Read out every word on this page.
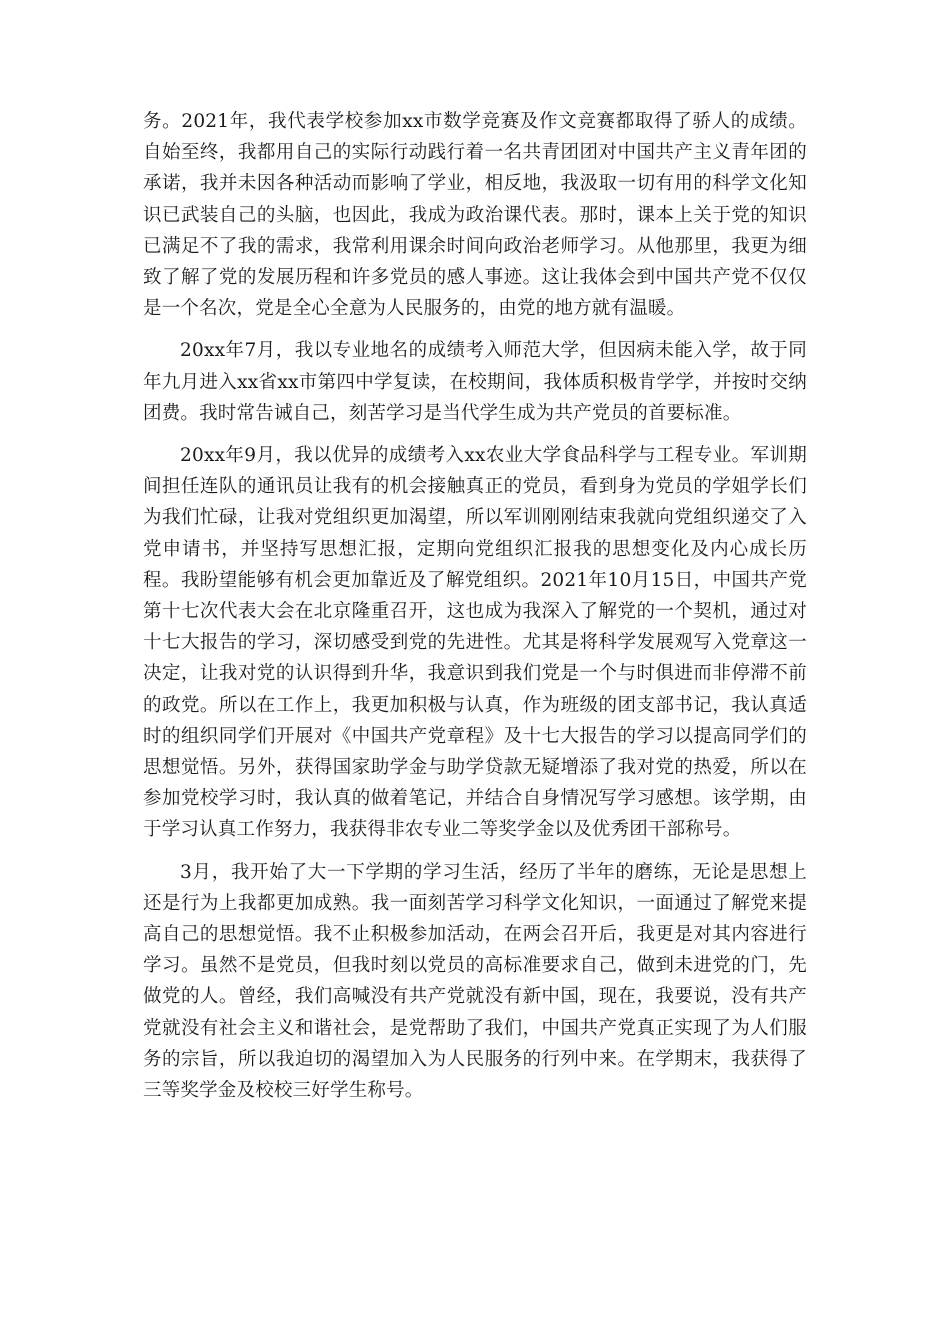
务。2021年，我代表学校参加xx市数学竞赛及作文竞赛都取得了骄人的成绩。自始至终，我都用自己的实际行动践行着一名共青团团对中国共产主义青年团的承诺，我并未因各种活动而影响了学业，相反地，我汲取一切有用的科学文化知识已武装自己的头脑，也因此，我成为政治课代表。那时，课本上关于党的知识已满足不了我的需求，我常利用课余时间向政治老师学习。从他那里，我更为细致了解了党的发展历程和许多党员的感人事迹。这让我体会到中国共产党不仅仅是一个名次，党是全心全意为人民服务的，由党的地方就有温暖。

20xx年7月，我以专业地名的成绩考入师范大学，但因病未能入学，故于同年九月进入xx省xx市第四中学复读，在校期间，我体质积极肯学学，并按时交纳团费。我时常告诫自己，刻苦学习是当代学生成为共产党员的首要标准。

20xx年9月，我以优异的成绩考入xx农业大学食品科学与工程专业。军训期间担任连队的通讯员让我有的机会接触真正的党员，看到身为党员的学姐学长们为我们忙碌，让我对党组织更加渴望，所以军训刚刚结束我就向党组织递交了入党申请书，并坚持写思想汇报，定期向党组织汇报我的思想变化及内心成长历程。我盼望能够有机会更加靠近及了解党组织。2021年10月15日，中国共产党第十七次代表大会在北京隆重召开，这也成为我深入了解党的一个契机，通过对十七大报告的学习，深切感受到党的先进性。尤其是将科学发展观写入党章这一决定，让我对党的认识得到升华，我意识到我们党是一个与时俱进而非停滞不前的政党。所以在工作上，我更加积极与认真，作为班级的团支部书记，我认真适时的组织同学们开展对《中国共产党章程》及十七大报告的学习以提高同学们的思想觉悟。另外，获得国家助学金与助学贷款无疑增添了我对党的热爱，所以在参加党校学习时，我认真的做着笔记，并结合自身情况写学习感想。该学期，由于学习认真工作努力，我获得非农专业二等奖学金以及优秀团干部称号。

3月，我开始了大一下学期的学习生活，经历了半年的磨练，无论是思想上还是行为上我都更加成熟。我一面刻苦学习科学文化知识，一面通过了解党来提高自己的思想觉悟。我不止积极参加活动，在两会召开后，我更是对其内容进行学习。虽然不是党员，但我时刻以党员的高标准要求自己，做到未进党的门，先做党的人。曾经，我们高喊没有共产党就没有新中国，现在，我要说，没有共产党就没有社会主义和谐社会，是党帮助了我们，中国共产党真正实现了为人们服务的宗旨，所以我迫切的渴望加入为人民服务的行列中来。在学期末，我获得了三等奖学金及校校三好学生称号。
